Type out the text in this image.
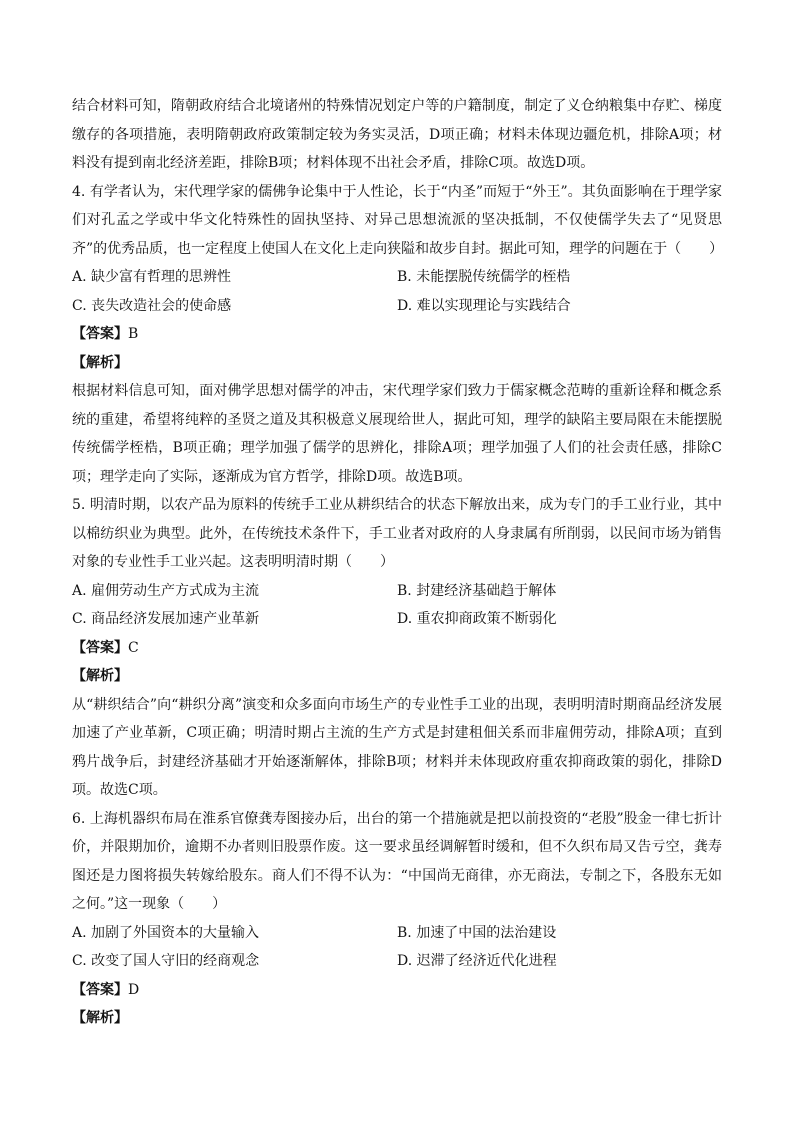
结合材料可知，隋朝政府结合北境诸州的特殊情况划定户等的户籍制度，制定了义仓纳粮集中存贮、梯度缴存的各项措施，表明隋朝政府政策制定较为务实灵活，D项正确；材料未体现边疆危机，排除A项；材料没有提到南北经济差距，排除B项；材料体现不出社会矛盾，排除C项。故选D项。

4. 有学者认为，宋代理学家的儒佛争论集中于人性论，长于“内圣”而短于“外王”。其负面影响在于理学家们对孔孟之学或中华文化特殊性的固执坚持、对异己思想流派的坚决抵制，不仅使儒学失去了“见贤思齐”的优秀品质，也一定程度上使国人在文化上走向狭隘和故步自封。据此可知，理学的问题在于（　　）

A. 缺少富有哲理的思辨性	B. 未能摆脱传统儒学的桎梏
C. 丧失改造社会的使命感	D. 难以实现理论与实践结合
【答案】B
【解析】

根据材料信息可知，面对佛学思想对儒学的冲击，宋代理学家们致力于儒家概念范畴的重新诠释和概念系统的重建，希望将纯粹的圣贤之道及其积极意义展现给世人，据此可知，理学的缺陷主要局限在未能摆脱传统儒学桎梏，B项正确；理学加强了儒学的思辨化，排除A项；理学加强了人们的社会责任感，排除C项；理学走向了实际，逐渐成为官方哲学，排除D项。故选B项。

5. 明清时期，以农产品为原料的传统手工业从耕织结合的状态下解放出来，成为专门的手工业行业，其中以棉纺织业为典型。此外，在传统技术条件下，手工业者对政府的人身隶属有所削弱，以民间市场为销售对象的专业性手工业兴起。这表明明清时期（　　）

A. 雇佣劳动生产方式成为主流	B. 封建经济基础趋于解体
C. 商品经济发展加速产业革新	D. 重农抑商政策不断弱化
【答案】C
【解析】

从“耕织结合”向“耕织分离”演变和众多面向市场生产的专业性手工业的出现，表明明清时期商品经济发展加速了产业革新，C项正确；明清时期占主流的生产方式是封建租佃关系而非雇佣劳动，排除A项；直到鸦片战争后，封建经济基础才开始逐渐解体，排除B项；材料并未体现政府重农抑商政策的弱化，排除D项。故选C项。

6. 上海机器织布局在淮系官僚龚寿图接办后，出台的第一个措施就是把以前投资的“老股”股金一律七折计价，并限期加价，逾期不办者则旧股票作废。这一要求虽经调解暂时缓和，但不久织布局又告亏空，龚寿图还是力图将损失转嫁给股东。商人们不得不认为：“中国尚无商律，亦无商法，专制之下，各股东无如之何。”这一现象（　　）

A. 加剧了外国资本的大量输入	B. 加速了中国的法治建设
C. 改变了国人守旧的经商观念	D. 迟滞了经济近代化进程
【答案】D
【解析】
